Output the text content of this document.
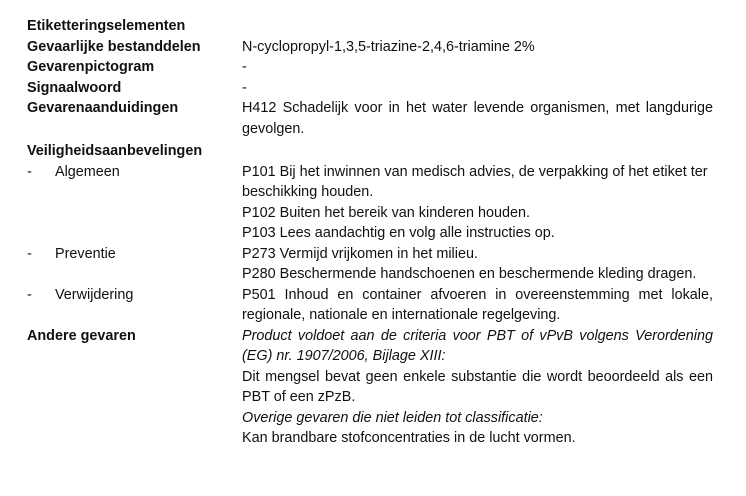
Etiketteringselementen
Gevaarlijke bestanddelen	N-cyclopropyl-1,3,5-triazine-2,4,6-triamine 2%
Gevarenpictogram	-
Signaalwoord	-
Gevarenaanduidingen	H412 Schadelijk voor in het water levende organismen, met langdurige gevolgen.
Veiligheidsaanbevelingen
-	Algemeen	P101 Bij het inwinnen van medisch advies, de verpakking of het etiket ter beschikking houden.
P102 Buiten het bereik van kinderen houden.
P103 Lees aandachtig en volg alle instructies op.
-	Preventie	P273 Vermijd vrijkomen in het milieu.
P280 Beschermende handschoenen en beschermende kleding dragen.
-	Verwijdering	P501 Inhoud en container afvoeren in overeenstemming met lokale, regionale, nationale en internationale regelgeving.
Andere gevaren	Product voldoet aan de criteria voor PBT of vPvB volgens Verordening (EG) nr. 1907/2006, Bijlage XIII:
Dit mengsel bevat geen enkele substantie die wordt beoordeeld als een PBT of een zPzB.
Overige gevaren die niet leiden tot classificatie:
Kan brandbare stofconcentraties in de lucht vormen.
